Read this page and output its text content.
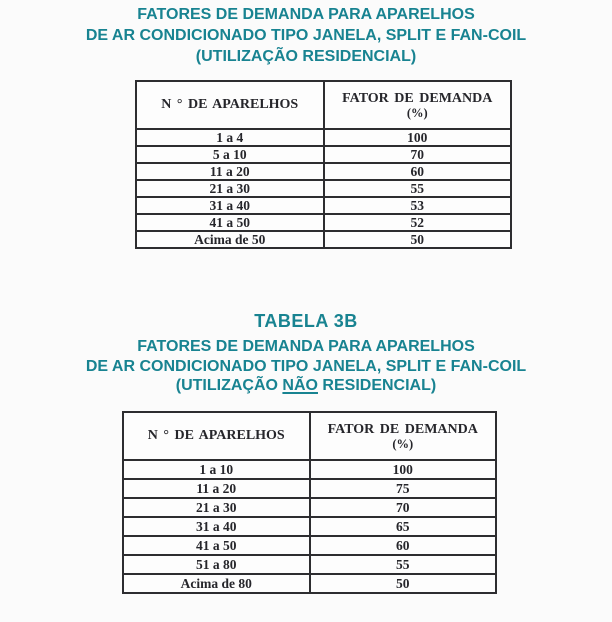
FATORES DE DEMANDA PARA APARELHOS
DE AR CONDICIONADO TIPO JANELA, SPLIT E FAN-COIL
(UTILIZAÇÃO RESIDENCIAL)
N ° DE APARELHOS	FATOR DE DEMANDA
(%)

1 a 4	100
5 a 10	70
11 a 20	60
21 a 30	55
31 a 40	53
41 a 50	52
Acima de 50	50
TABELA 3B
FATORES DE DEMANDA PARA APARELHOS
DE AR CONDICIONADO TIPO JANELA, SPLIT E FAN-COIL
(UTILIZAÇÃO NÃO RESIDENCIAL)
N ° DE APARELHOS	FATOR DE DEMANDA
(%)

1 a 10	100
11 a 20	75
21 a 30	70
31 a 40	65
41 a 50	60
51 a 80	55
Acima de 80	50
